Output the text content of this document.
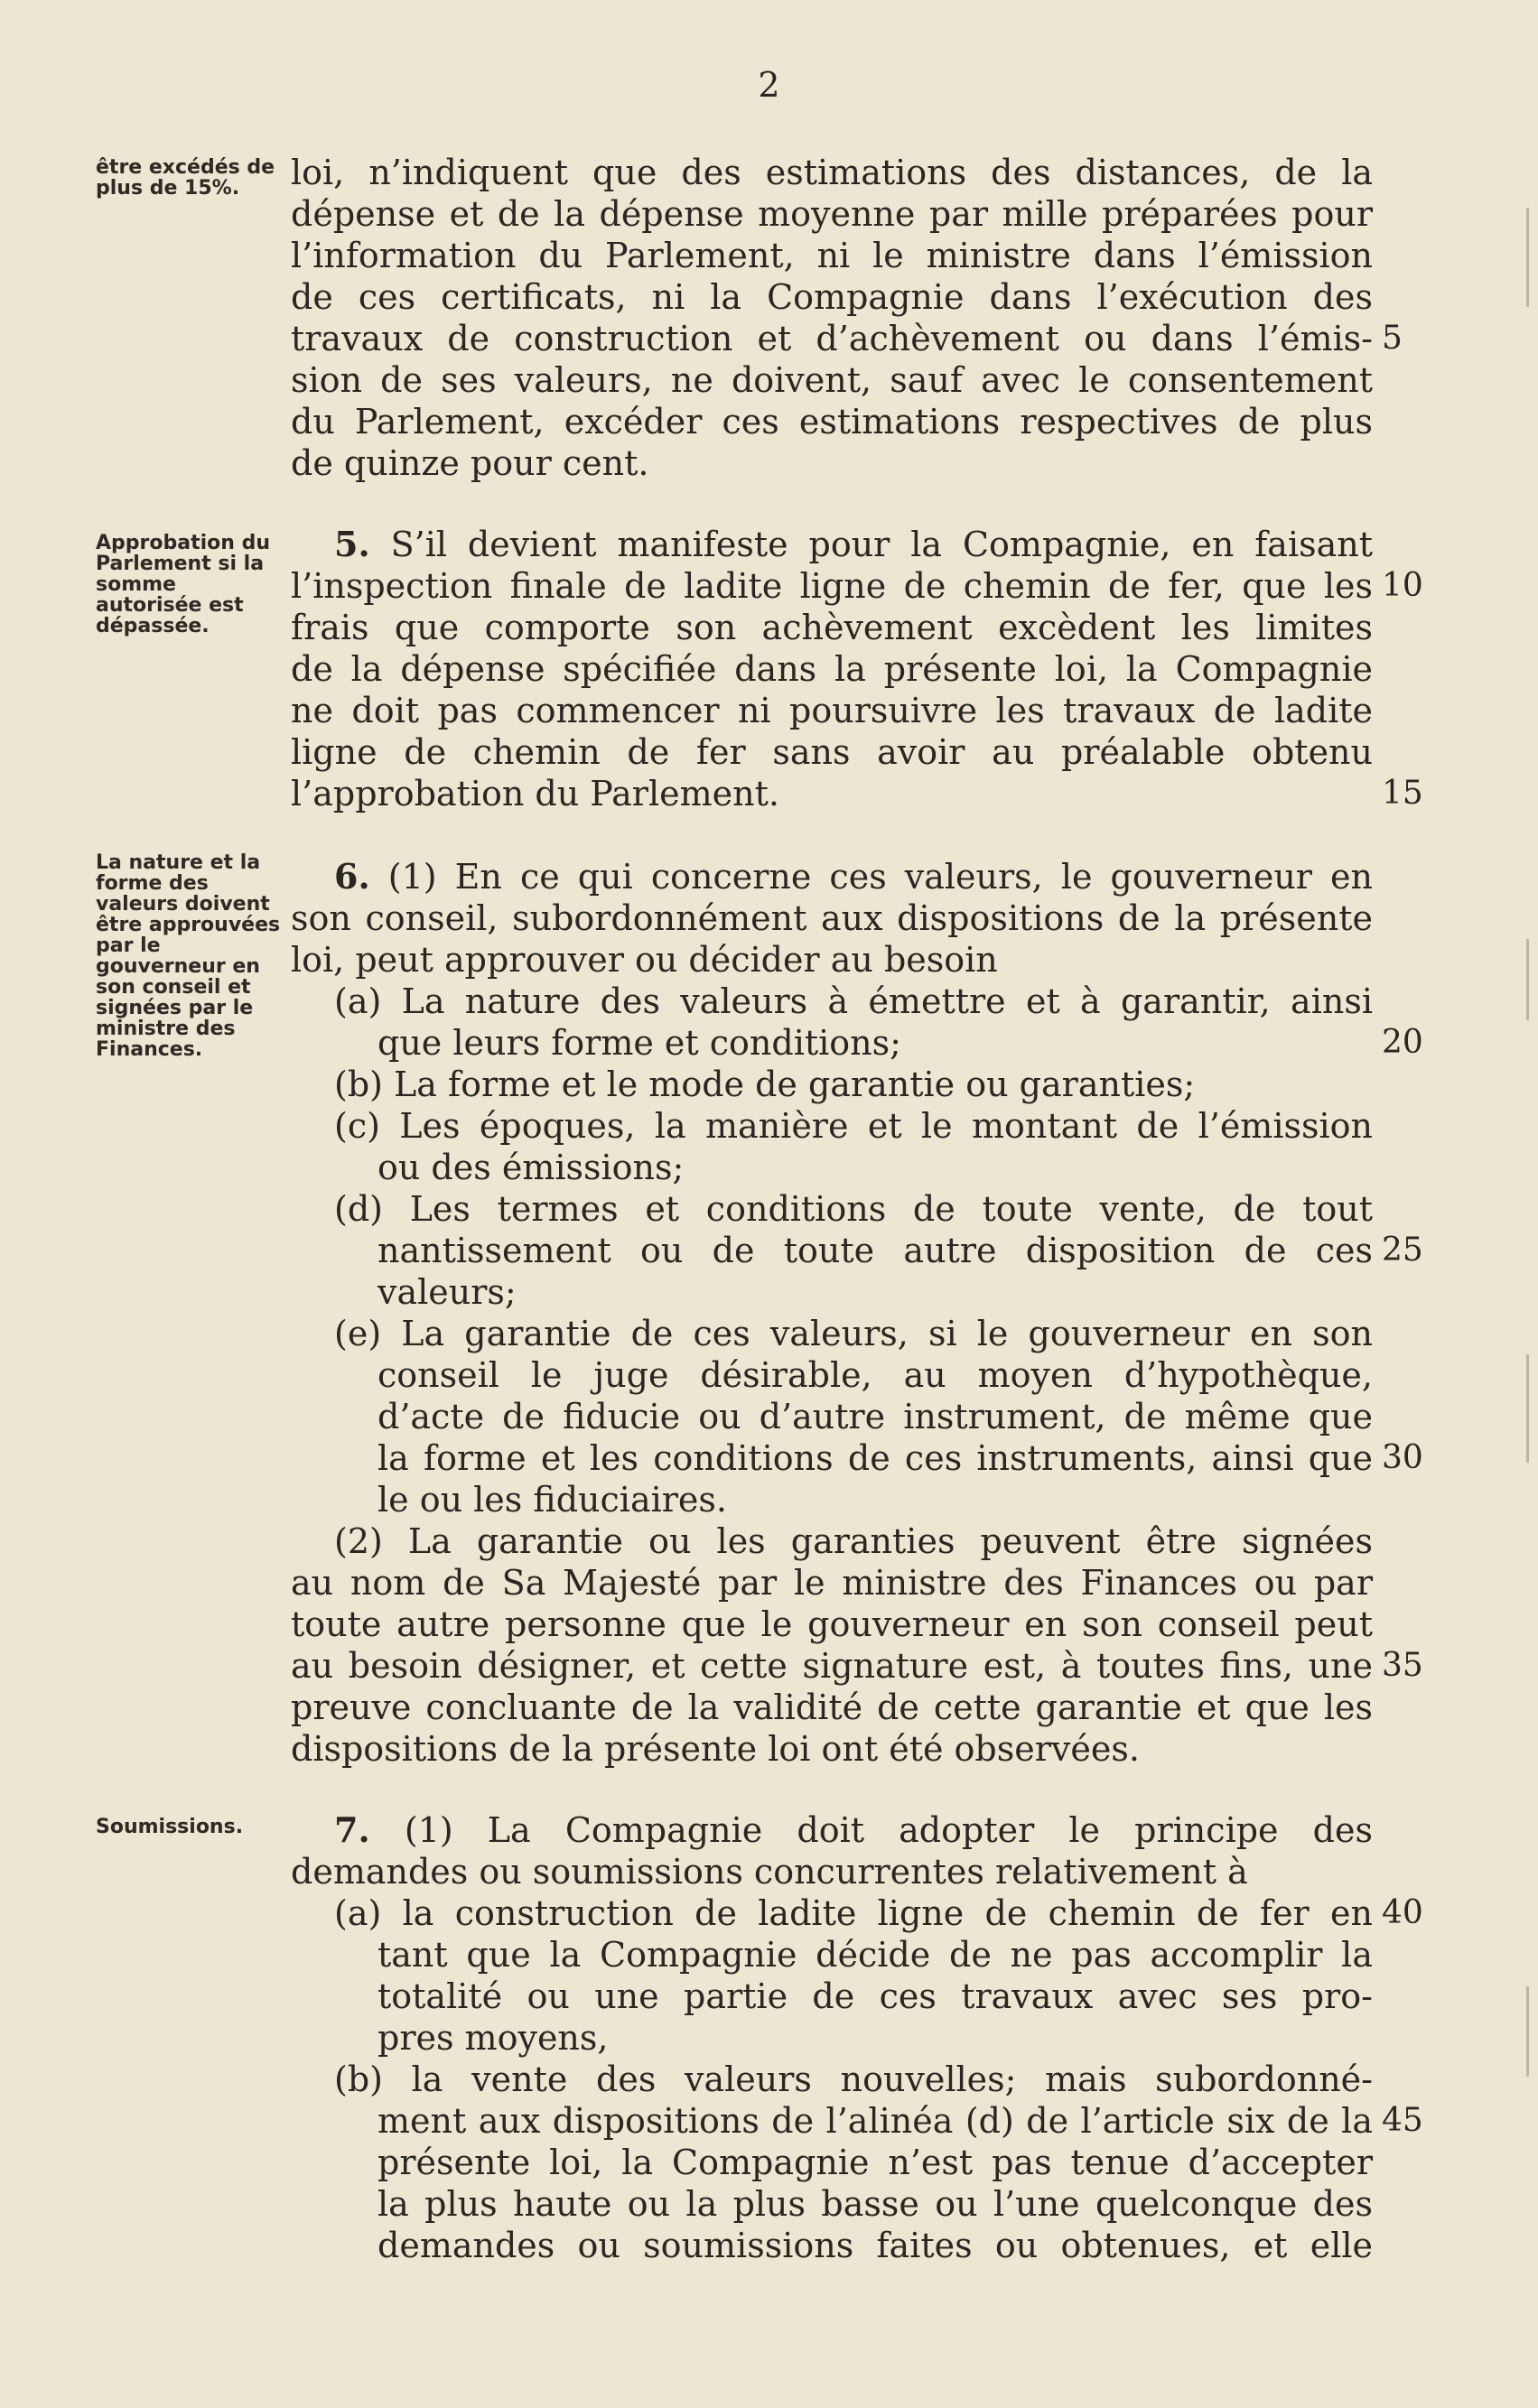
2
être excédés de plus de 15%.
Approbation du Parlement si la somme autorisée est dépassée.
La nature et la forme des valeurs doivent être approuvées par le gouverneur en son conseil et signées par le ministre des Finances.
Soumissions.
loi, n’indiquent que des estimations des distances, de la
dépense et de la dépense moyenne par mille préparées pour
l’information du Parlement, ni le ministre dans l’émission
de ces certificats, ni la Compagnie dans l’exécution des
travaux de construction et d’achèvement ou dans l’émis-
sion de ses valeurs, ne doivent, sauf avec le consentement
du Parlement, excéder ces estimations respectives de plus
de quinze pour cent.
5. S’il devient manifeste pour la Compagnie, en faisant
l’inspection finale de ladite ligne de chemin de fer, que les
frais que comporte son achèvement excèdent les limites
de la dépense spécifiée dans la présente loi, la Compagnie
ne doit pas commencer ni poursuivre les travaux de ladite
ligne de chemin de fer sans avoir au préalable obtenu
l’approbation du Parlement.
6. (1) En ce qui concerne ces valeurs, le gouverneur en
son conseil, subordonnément aux dispositions de la présente
loi, peut approuver ou décider au besoin
(a) La nature des valeurs à émettre et à garantir, ainsi
que leurs forme et conditions;
(b) La forme et le mode de garantie ou garanties;
(c) Les époques, la manière et le montant de l’émission
ou des émissions;
(d) Les termes et conditions de toute vente, de tout
nantissement ou de toute autre disposition de ces
valeurs;
(e) La garantie de ces valeurs, si le gouverneur en son
conseil le juge désirable, au moyen d’hypothèque,
d’acte de fiducie ou d’autre instrument, de même que
la forme et les conditions de ces instruments, ainsi que
le ou les fiduciaires.
(2) La garantie ou les garanties peuvent être signées
au nom de Sa Majesté par le ministre des Finances ou par
toute autre personne que le gouverneur en son conseil peut
au besoin désigner, et cette signature est, à toutes fins, une
preuve concluante de la validité de cette garantie et que les
dispositions de la présente loi ont été observées.
7. (1) La Compagnie doit adopter le principe des
demandes ou soumissions concurrentes relativement à
(a) la construction de ladite ligne de chemin de fer en
tant que la Compagnie décide de ne pas accomplir la
totalité ou une partie de ces travaux avec ses pro-
pres moyens,
(b) la vente des valeurs nouvelles; mais subordonné-
ment aux dispositions de l’alinéa (d) de l’article six de la
présente loi, la Compagnie n’est pas tenue d’accepter
la plus haute ou la plus basse ou l’une quelconque des
demandes ou soumissions faites ou obtenues, et elle
5
10
15
20
25
30
35
40
45
